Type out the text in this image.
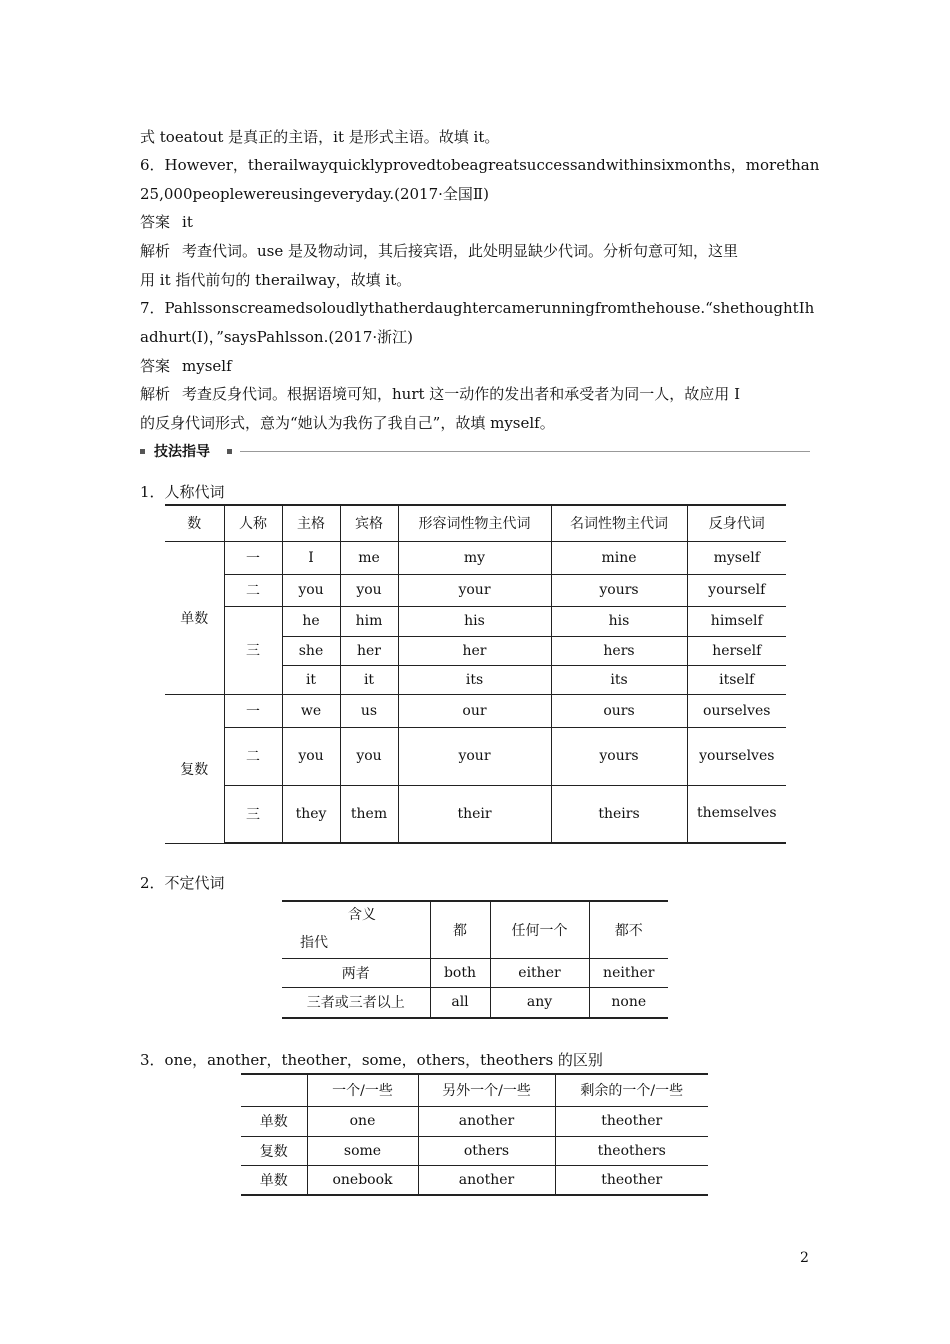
式 toeatout 是真正的主语，it 是形式主语。故填 it。
6．However，therailwayquicklyprovedtobeagreatsuccessandwithinsixmonths，morethan
25,000peoplewereusingeveryday.(2017·全国Ⅱ)
答案 it
解析 考查代词。use 是及物动词，其后接宾语，此处明显缺少代词。分析句意可知，这里
用 it 指代前句的 therailway，故填 it。
7．Pahlssonscreamedsoloudlythatherdaughtercamerunningfromthehouse.“shethoughtIh
adhurt(I)，”saysPahlsson.(2017·浙江)
答案 myself
解析 考查反身代词。根据语境可知，hurt 这一动作的发出者和承受者为同一人，故应用 I
的反身代词形式，意为“她认为我伤了我自己”，故填 myself。
技法指导
1．人称代词
数	人称	主格	宾格	形容词性物主代词	名词性物主代词	反身代词
单数	一	I	me	my	mine	myself
	二	you	you	your	yours	yourself
	三	he	him	his	his	himself
		she	her	her	hers	herself
		it	it	its	its	itself
复数	一	we	us	our	ours	ourselves
	二	you	you	your	yours	yourselves

	三	they	them	their	theirs	themselves
2．不定代词
含义
指代	都	任何一个	都不
两者	both	either	neither
三者或三者以上	all	any	none
3．one，another，theother，some，others，theothers 的区别
	一个/一些	另外一个/一些	剩余的一个/一些
单数	one	another	theother
复数	some	others	theothers
单数	onebook	another	theother
2
